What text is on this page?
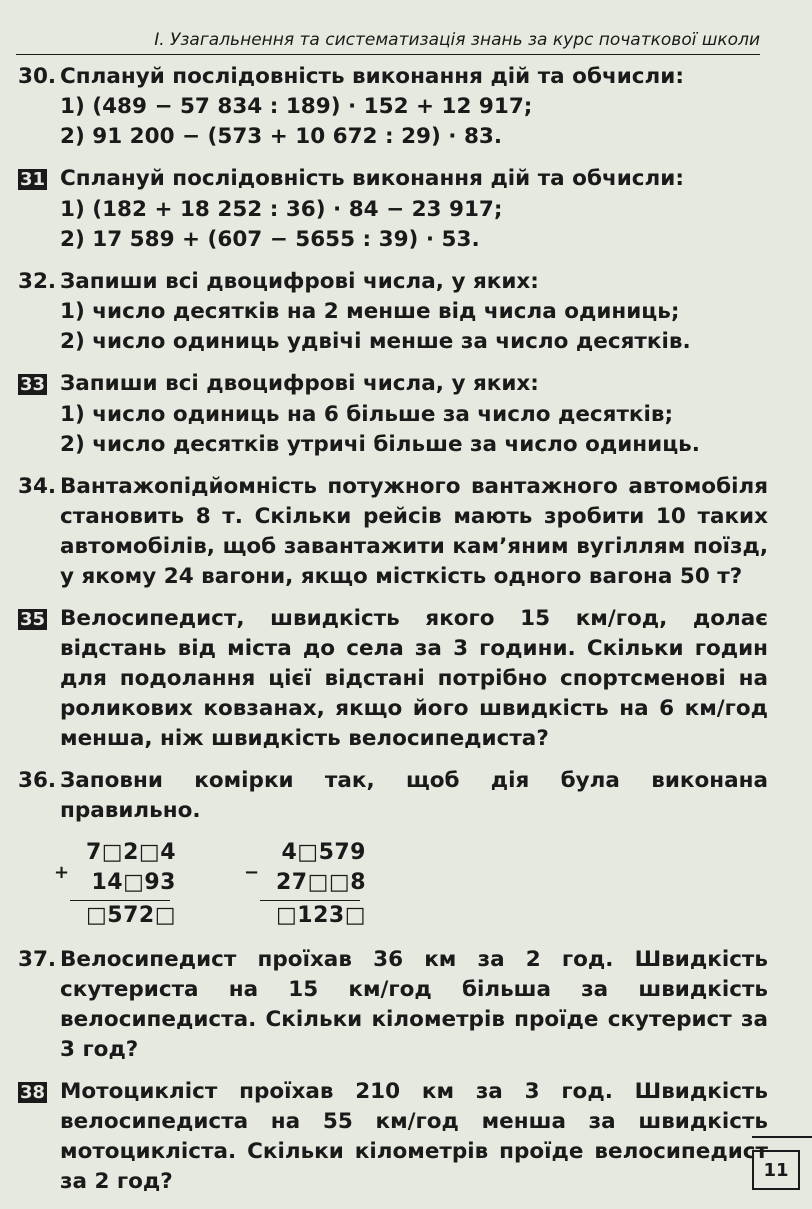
I. Узагальнення та систематизація знань за курс початкової школи
30. Сплануй послідовність виконання дій та обчисли:
1) (489 − 57 834 : 189) · 152 + 12 917;
2) 91 200 − (573 + 10 672 : 29) · 83.
31 Сплануй послідовність виконання дій та обчисли:
1) (182 + 18 252 : 36) · 84 − 23 917;
2) 17 589 + (607 − 5655 : 39) · 53.
32. Запиши всі двоцифрові числа, у яких:
1) число десятків на 2 менше від числа одиниць;
2) число одиниць удвічі менше за число десятків.
33 Запиши всі двоцифрові числа, у яких:
1) число одиниць на 6 більше за число десятків;
2) число десятків утричі більше за число одиниць.
34. Вантажопідйомність потужного вантажного автомобіля становить 8 т. Скільки рейсів мають зробити 10 таких автомобілів, щоб завантажити кам’яним вугіллям поїзд, у якому 24 вагони, якщо місткість одного вагона 50 т?
35 Велосипедист, швидкість якого 15 км/год, долає відстань від міста до села за 3 години. Скільки годин для подолання цієї відстані потрібно спортсменові на роликових ковзанах, якщо його швидкість на 6 км/год менша, ніж швидкість велосипедиста?
36. Заповни комірки так, щоб дія була виконана правильно.
+
7□2□4
14□93
□572□
−
4□579
27□□8
□123□
37. Велосипедист проїхав 36 км за 2 год. Швидкість скутериста на 15 км/год більша за швидкість велосипедиста. Скільки кілометрів проїде скутерист за 3 год?
38 Мотоцикліст проїхав 210 км за 3 год. Швидкість велосипедиста на 55 км/год менша за швидкість мотоцикліста. Скільки кілометрів проїде велосипедист за 2 год?	11
